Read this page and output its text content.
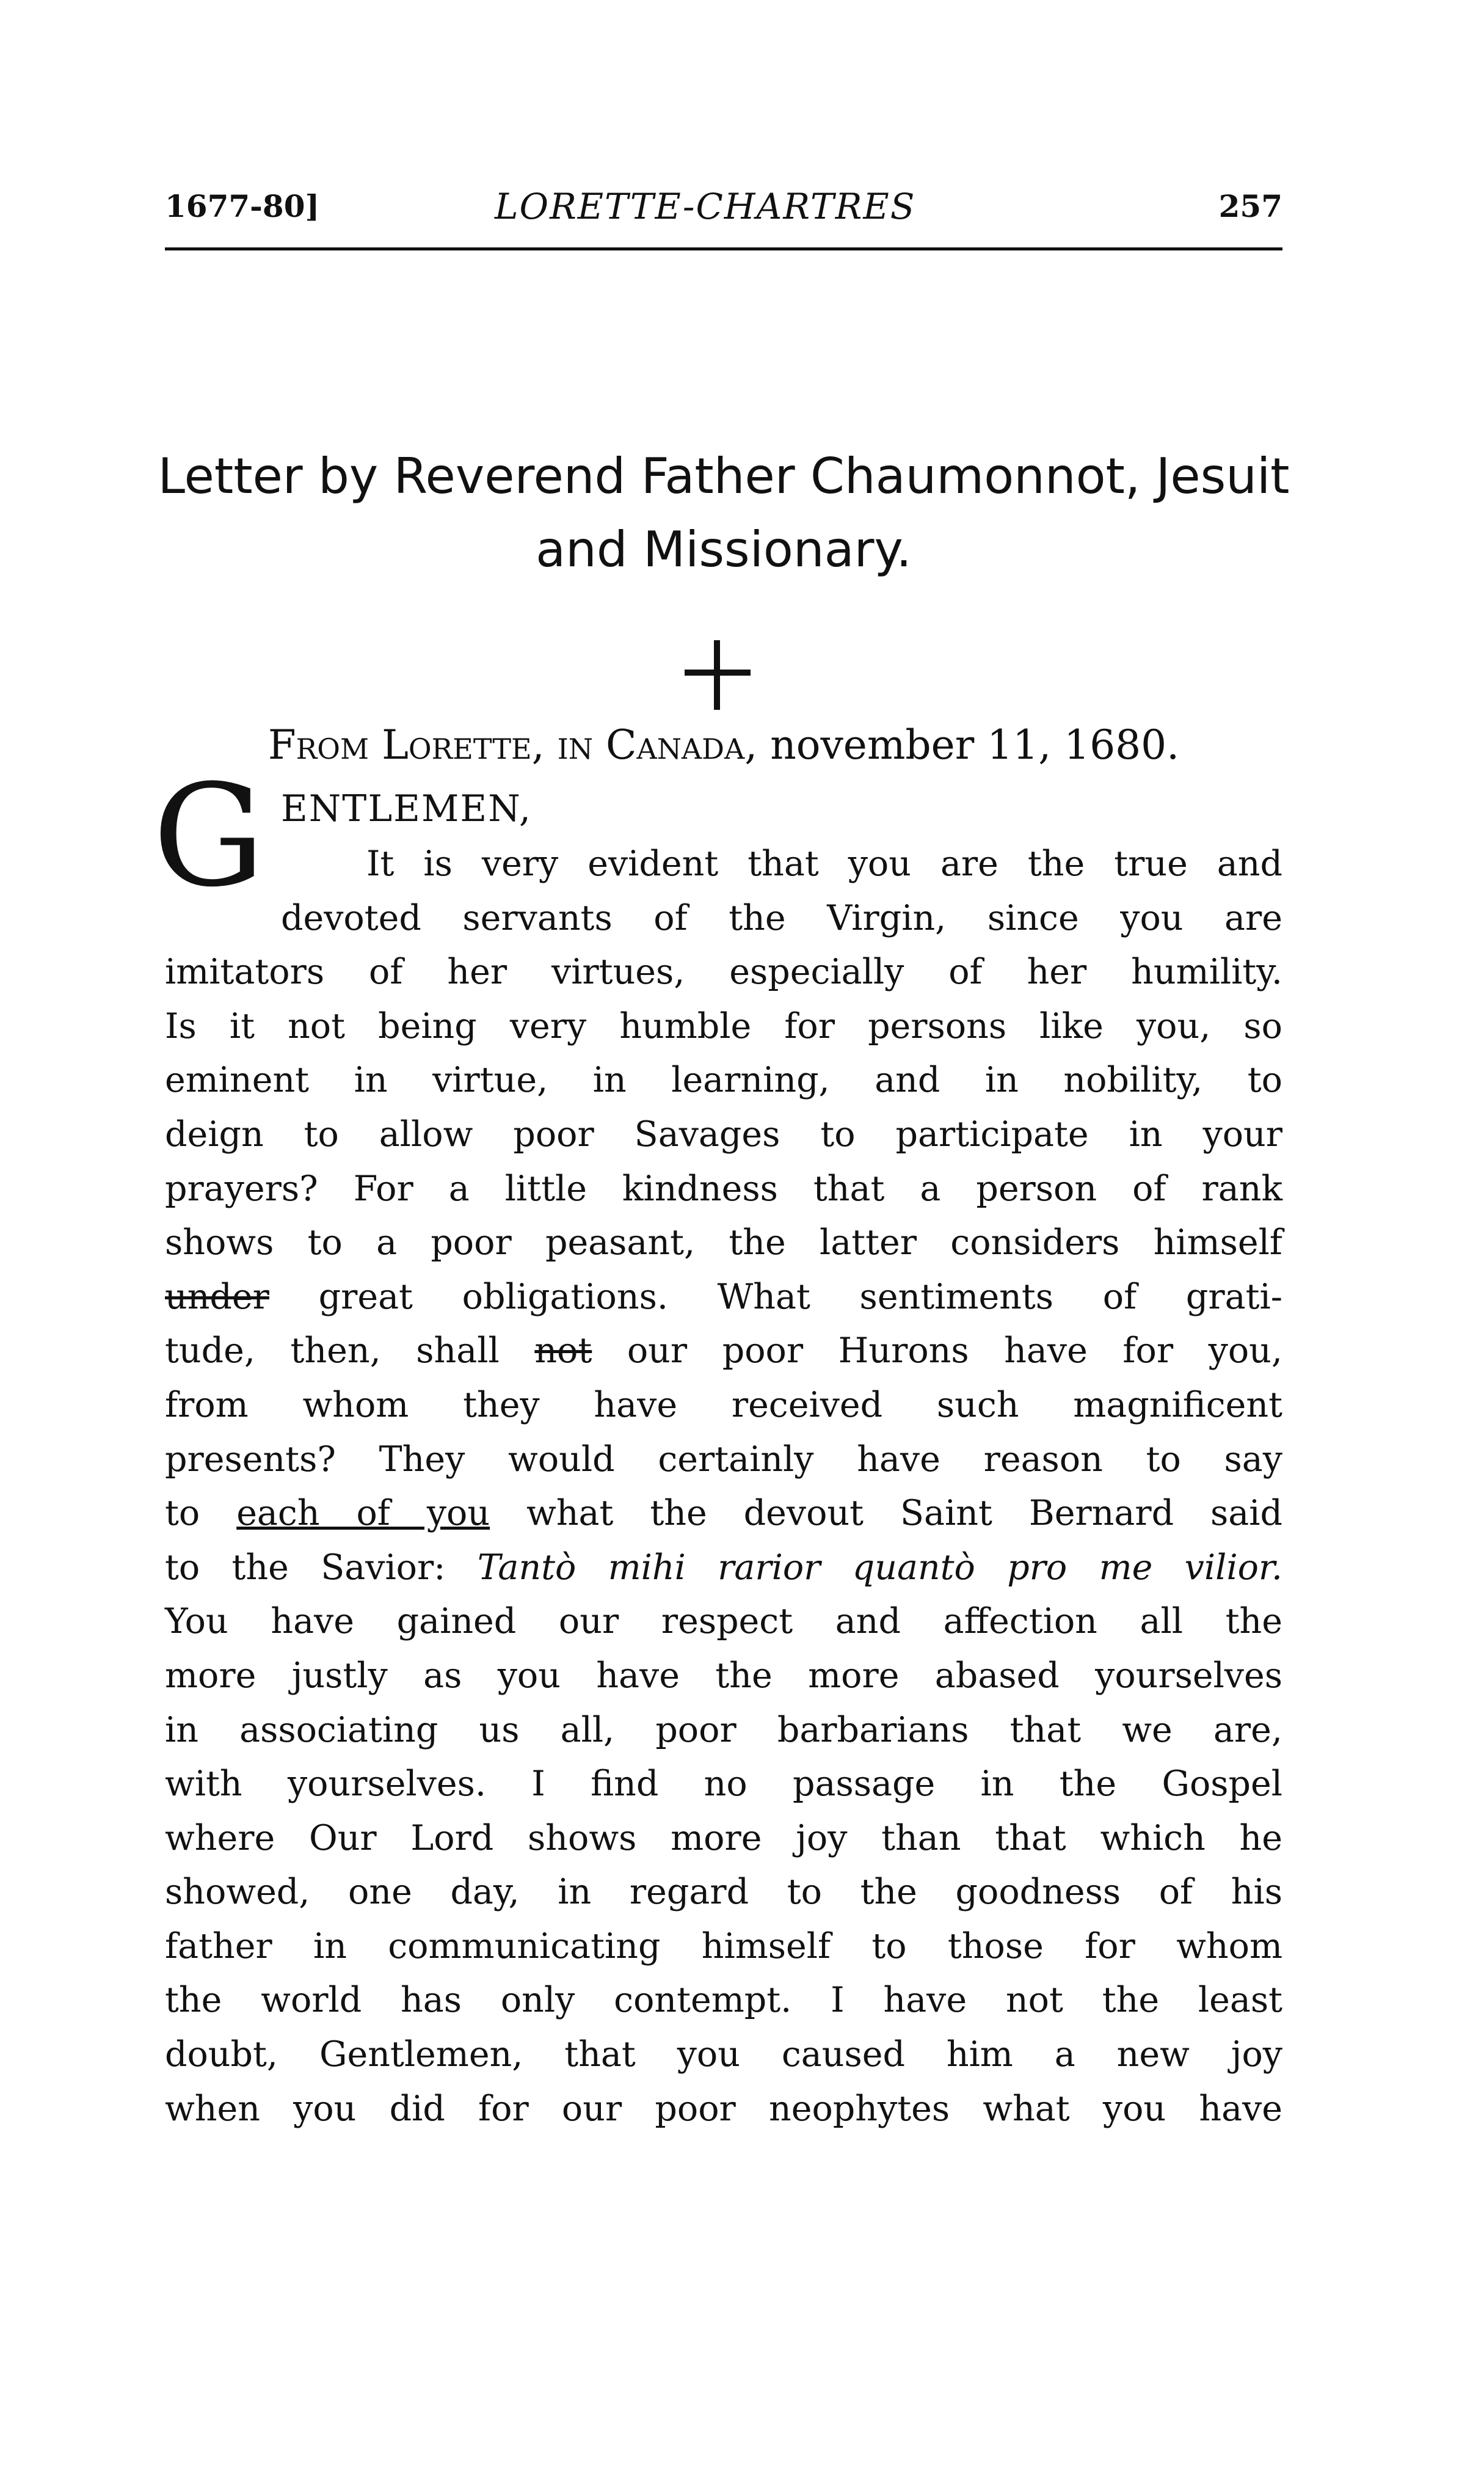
1677-80]	LORETTE-CHARTRES	257
Letter by Reverend Father Chaumonnot, Jesuit
and Missionary.
From Lorette, in Canada, november 11, 1680.
G ENTLEMEN,
It is very evident that you are the true and
devoted servants of the Virgin, since you are
imitators of her virtues, especially of her humility.
Is it not being very humble for persons like you, so
eminent in virtue, in learning, and in nobility, to
deign to allow poor Savages to participate in your
prayers? For a little kindness that a person of rank
shows to a poor peasant, the latter considers himself
under great obligations. What sentiments of grati-
tude, then, shall not our poor Hurons have for you,
from whom they have received such magnificent
presents? They would certainly have reason to say
to each of you what the devout Saint Bernard said
to the Savior: Tantò mihi rarior quantò pro me vilior.
You have gained our respect and affection all the
more justly as you have the more abased yourselves
in associating us all, poor barbarians that we are,
with yourselves. I find no passage in the Gospel
where Our Lord shows more joy than that which he
showed, one day, in regard to the goodness of his
father in communicating himself to those for whom
the world has only contempt. I have not the least
doubt, Gentlemen, that you caused him a new joy
when you did for our poor neophytes what you have
